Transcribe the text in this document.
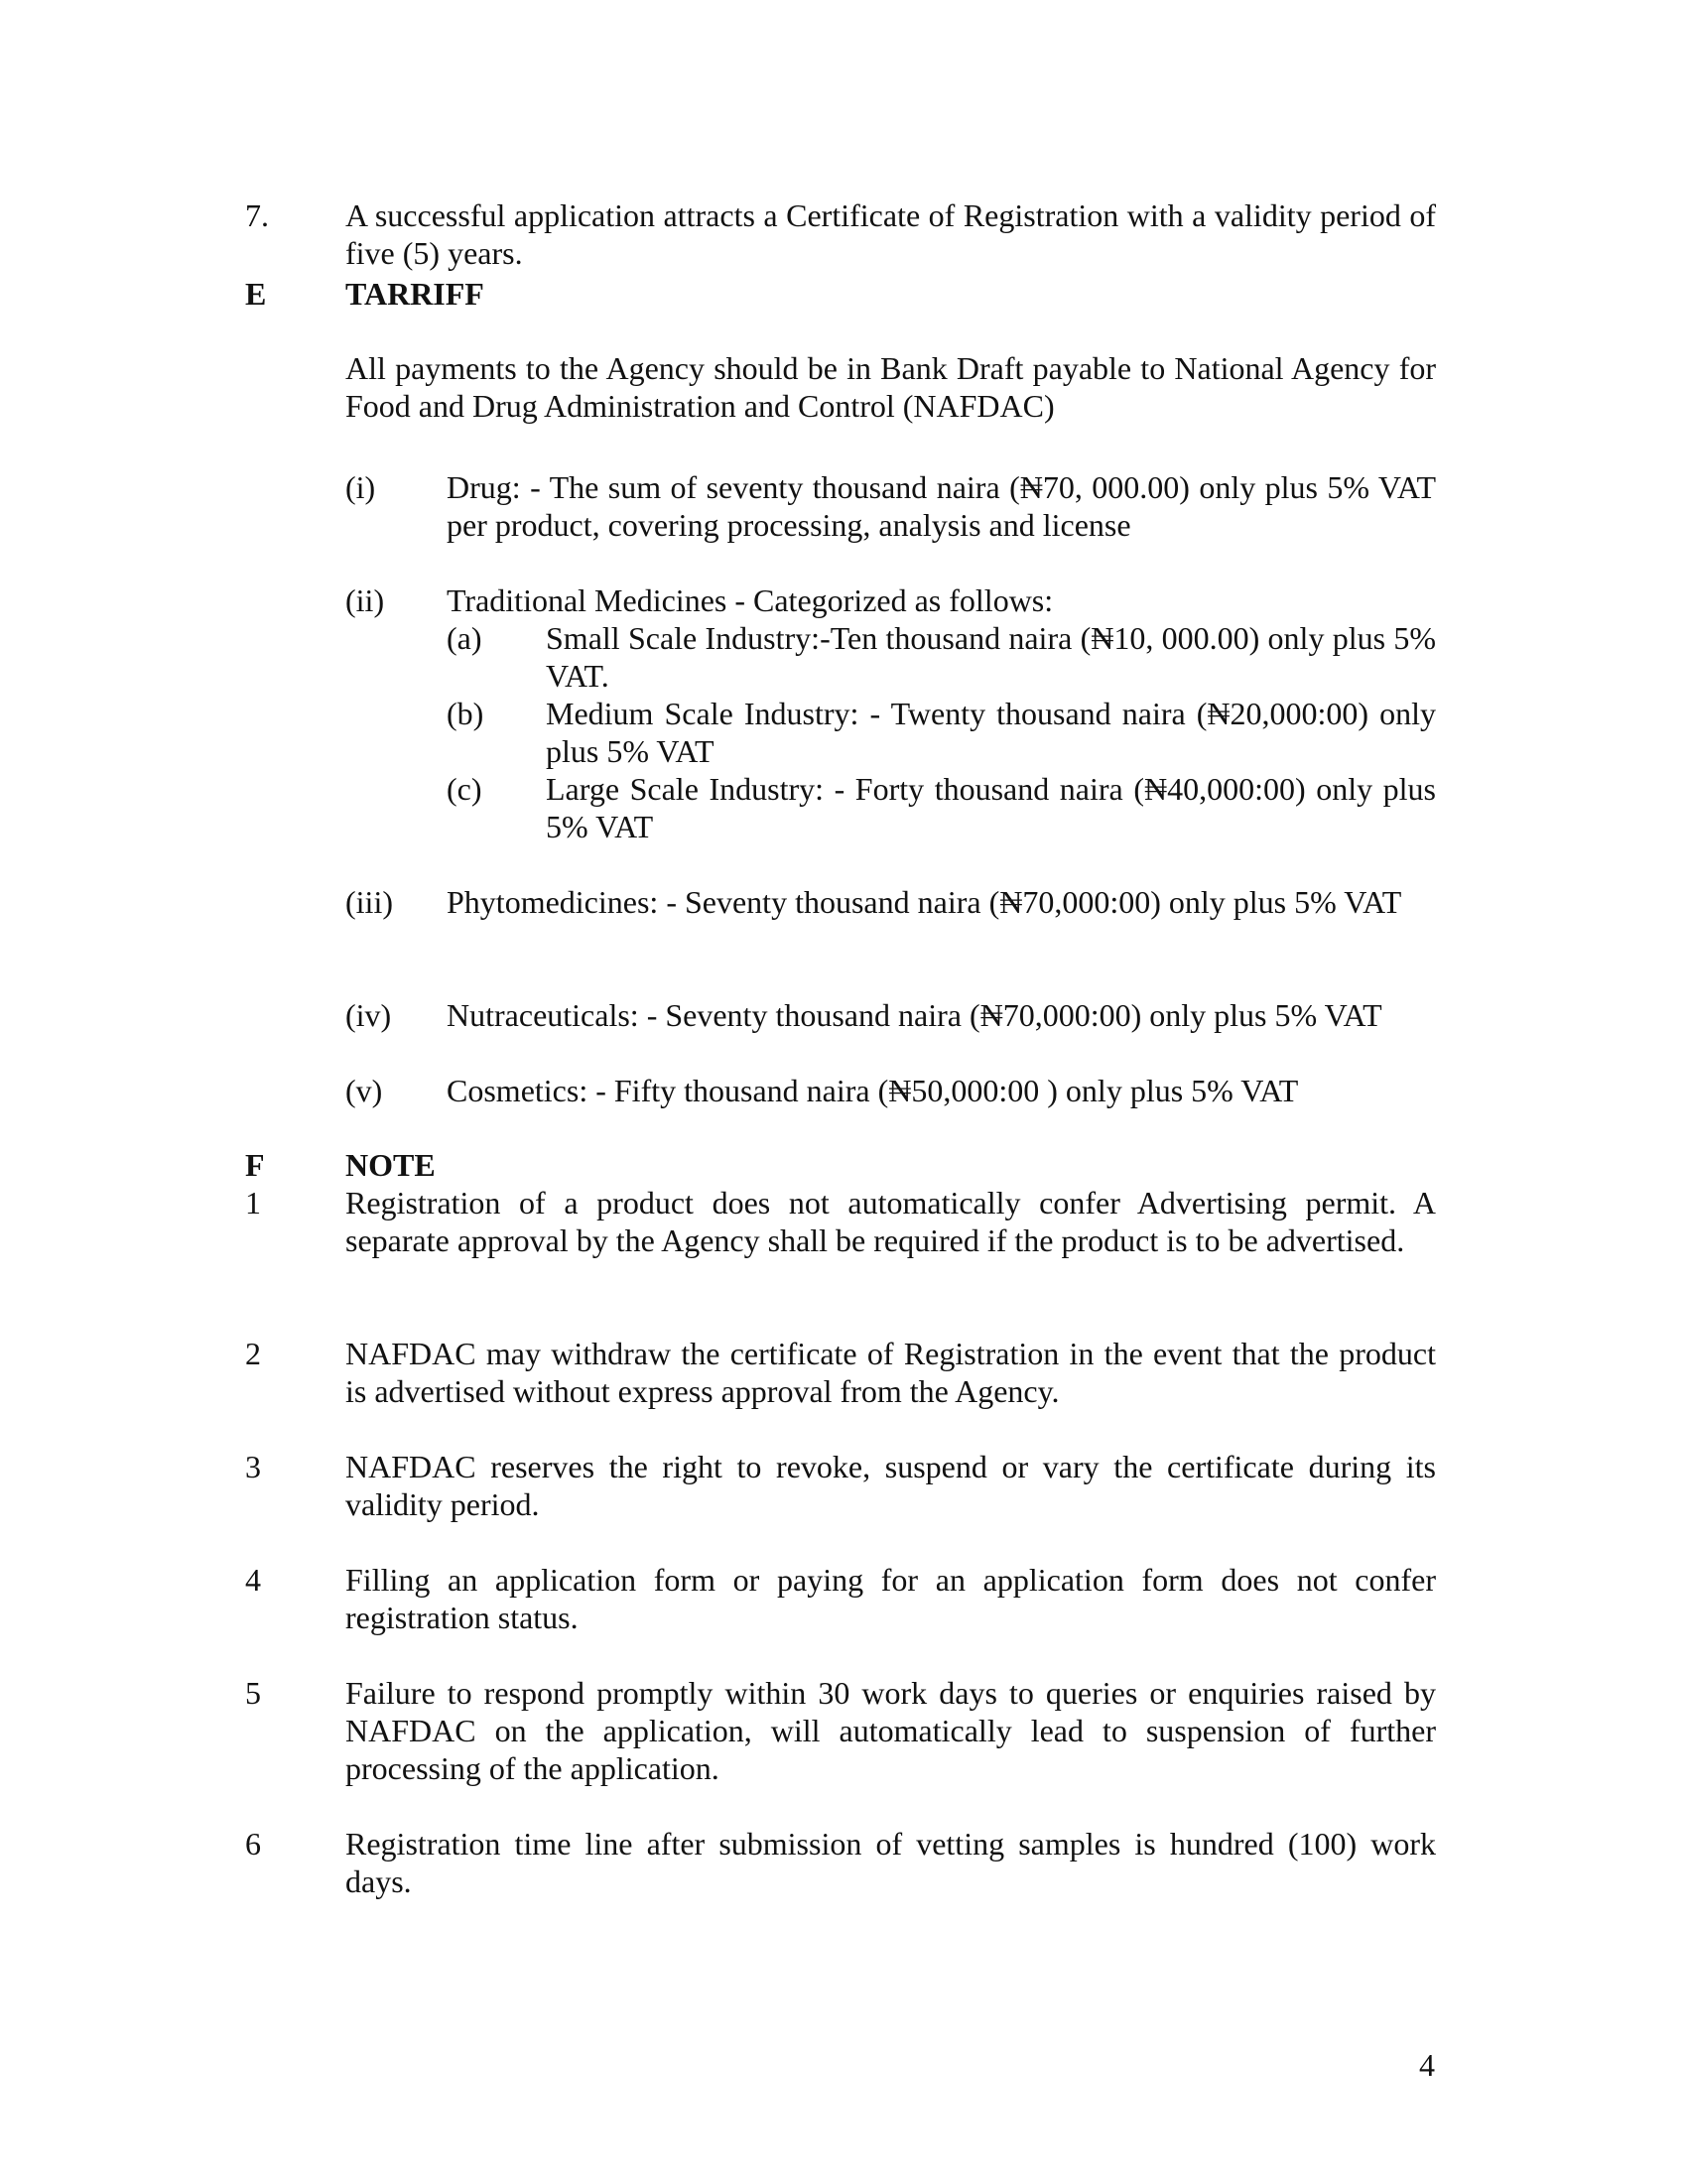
7. A successful application attracts a Certificate of Registration with a validity period of five (5) years.
E TARRIFF
All payments to the Agency should be in Bank Draft payable to National Agency for Food and Drug Administration and Control (NAFDAC)
(i) Drug: - The sum of seventy thousand naira (₦70, 000.00) only plus 5% VAT per product, covering processing, analysis and license
(ii) Traditional Medicines - Categorized as follows:
(a) Small Scale Industry:-Ten thousand naira (₦10, 000.00) only plus 5% VAT.
(b) Medium Scale Industry: - Twenty thousand naira (₦20,000:00) only plus 5% VAT
(c) Large Scale Industry: - Forty thousand naira (₦40,000:00) only plus 5% VAT
(iii) Phytomedicines: - Seventy thousand naira (₦70,000:00) only plus 5% VAT
(iv) Nutraceuticals: - Seventy thousand naira (₦70,000:00) only plus 5% VAT
(v) Cosmetics: - Fifty thousand naira (₦50,000:00 ) only plus 5% VAT
F	NOTE
1	Registration of a product does not automatically confer Advertising permit. A separate approval by the Agency shall be required if the product is to be advertised.
2	NAFDAC may withdraw the certificate of Registration in the event that the product is advertised without express approval from the Agency.
3	NAFDAC reserves the right to revoke, suspend or vary the certificate during its validity period.
4	Filling an application form or paying for an application form does not confer registration status.
5	Failure to respond promptly within 30 work days to queries or enquiries raised by NAFDAC on the application, will automatically lead to suspension of further processing of the application.
6	Registration time line after submission of vetting samples is hundred (100) work days.
4
